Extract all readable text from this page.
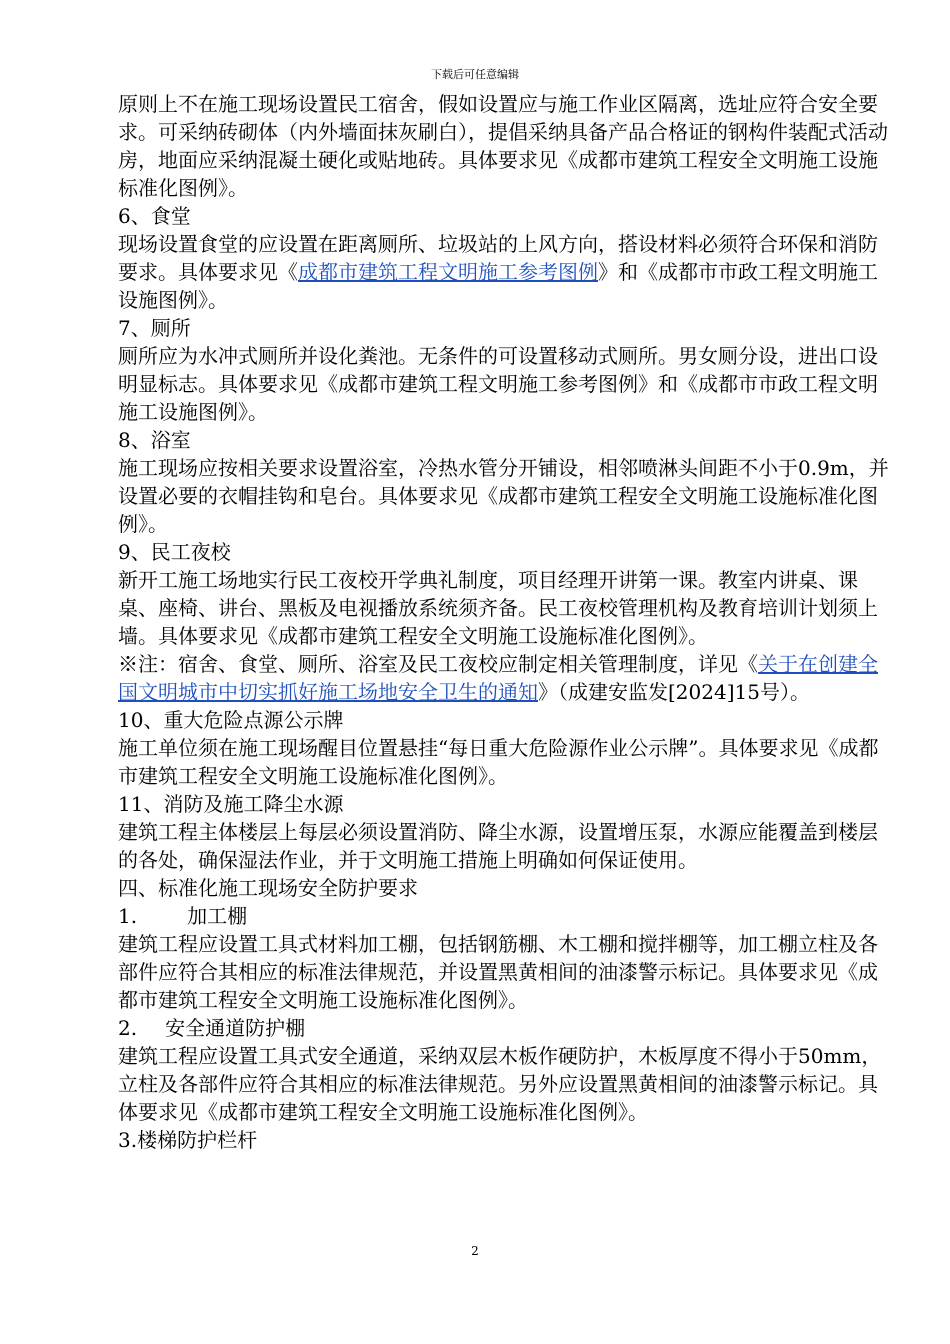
下载后可任意编辑

原则上不在施工现场设置民工宿舍，假如设置应与施工作业区隔离，选址应符合安全要求。可采纳砖砌体（内外墙面抹灰刷白），提倡采纳具备产品合格证的钢构件装配式活动房，地面应采纳混凝土硬化或贴地砖。具体要求见《成都市建筑工程安全文明施工设施标准化图例》。

6、食堂

现场设置食堂的应设置在距离厕所、垃圾站的上风方向，搭设材料必须符合环保和消防要求。具体要求见《成都市建筑工程文明施工参考图例》和《成都市市政工程文明施工设施图例》。

7、厕所

厕所应为水冲式厕所并设化粪池。无条件的可设置移动式厕所。男女厕分设，进出口设明显标志。具体要求见《成都市建筑工程文明施工参考图例》和《成都市市政工程文明施工设施图例》。

8、浴室

施工现场应按相关要求设置浴室，冷热水管分开铺设，相邻喷淋头间距不小于0.9m，并设置必要的衣帽挂钩和皂台。具体要求见《成都市建筑工程安全文明施工设施标准化图例》。

9、民工夜校

新开工施工场地实行民工夜校开学典礼制度，项目经理开讲第一课。教室内讲桌、课桌、座椅、讲台、黑板及电视播放系统须齐备。民工夜校管理机构及教育培训计划须上墙。具体要求见《成都市建筑工程安全文明施工设施标准化图例》。

※注：宿舍、食堂、厕所、浴室及民工夜校应制定相关管理制度，详见《关于在创建全国文明城市中切实抓好施工场地安全卫生的通知》（成建安监发[2024]15号）。

10、重大危险点源公示牌

施工单位须在施工现场醒目位置悬挂“每日重大危险源作业公示牌”。具体要求见《成都市建筑工程安全文明施工设施标准化图例》。

11、消防及施工降尘水源

建筑工程主体楼层上每层必须设置消防、降尘水源，设置增压泵，水源应能覆盖到楼层的各处，确保湿法作业，并于文明施工措施上明确如何保证使用。

四、标准化施工现场安全防护要求

1.	加工棚

建筑工程应设置工具式材料加工棚，包括钢筋棚、木工棚和搅拌棚等，加工棚立柱及各部件应符合其相应的标准法律规范，并设置黑黄相间的油漆警示标记。具体要求见《成都市建筑工程安全文明施工设施标准化图例》。

2. 安全通道防护棚

建筑工程应设置工具式安全通道，采纳双层木板作硬防护，木板厚度不得小于50mm，立柱及各部件应符合其相应的标准法律规范。另外应设置黑黄相间的油漆警示标记。具体要求见《成都市建筑工程安全文明施工设施标准化图例》。

3.楼梯防护栏杆

2
